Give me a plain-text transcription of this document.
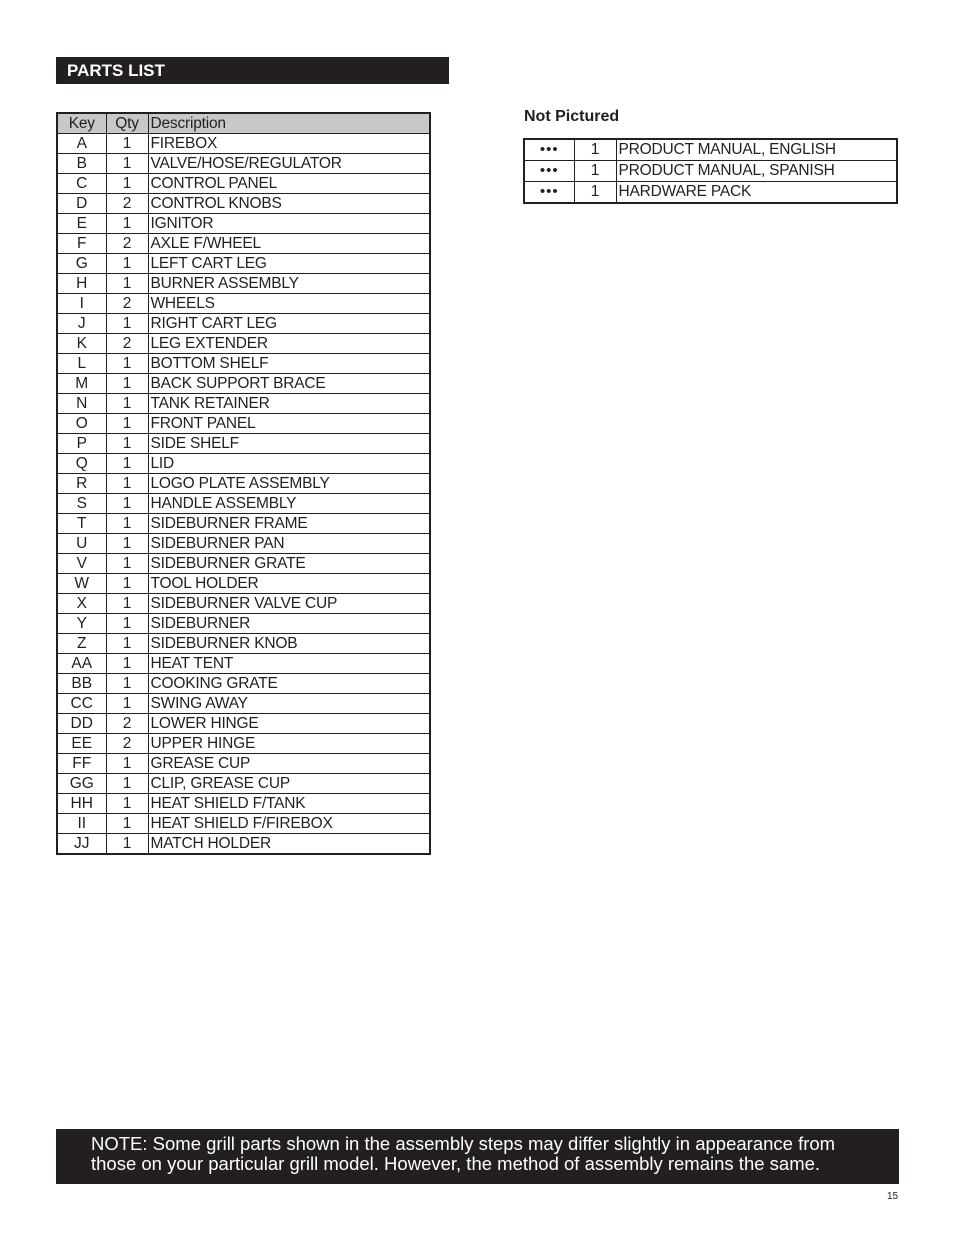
PARTS LIST
Key	Qty	Description
A	1	FIREBOX
B	1	VALVE/HOSE/REGULATOR
C	1	CONTROL PANEL
D	2	CONTROL KNOBS
E	1	IGNITOR
F	2	AXLE F/WHEEL
G	1	LEFT CART LEG
H	1	BURNER ASSEMBLY
I	2	WHEELS
J	1	RIGHT CART LEG
K	2	LEG EXTENDER
L	1	BOTTOM SHELF
M	1	BACK SUPPORT BRACE
N	1	TANK RETAINER
O	1	FRONT PANEL
P	1	SIDE SHELF
Q	1	LID
R	1	LOGO PLATE ASSEMBLY
S	1	HANDLE ASSEMBLY
T	1	SIDEBURNER FRAME
U	1	SIDEBURNER PAN
V	1	SIDEBURNER GRATE
W	1	TOOL HOLDER
X	1	SIDEBURNER VALVE CUP
Y	1	SIDEBURNER
Z	1	SIDEBURNER KNOB
AA	1	HEAT TENT
BB	1	COOKING GRATE
CC	1	SWING AWAY
DD	2	LOWER HINGE
EE	2	UPPER HINGE
FF	1	GREASE CUP
GG	1	CLIP, GREASE CUP
HH	1	HEAT SHIELD F/TANK
II	1	HEAT SHIELD F/FIREBOX
JJ	1	MATCH HOLDER
Not Pictured
•••	1	PRODUCT MANUAL, ENGLISH
•••	1	PRODUCT MANUAL, SPANISH
•••	1	HARDWARE PACK
NOTE: Some grill parts shown in the assembly steps may differ slightly in appearance from those on your particular grill model. However, the method of assembly remains the same.
15
